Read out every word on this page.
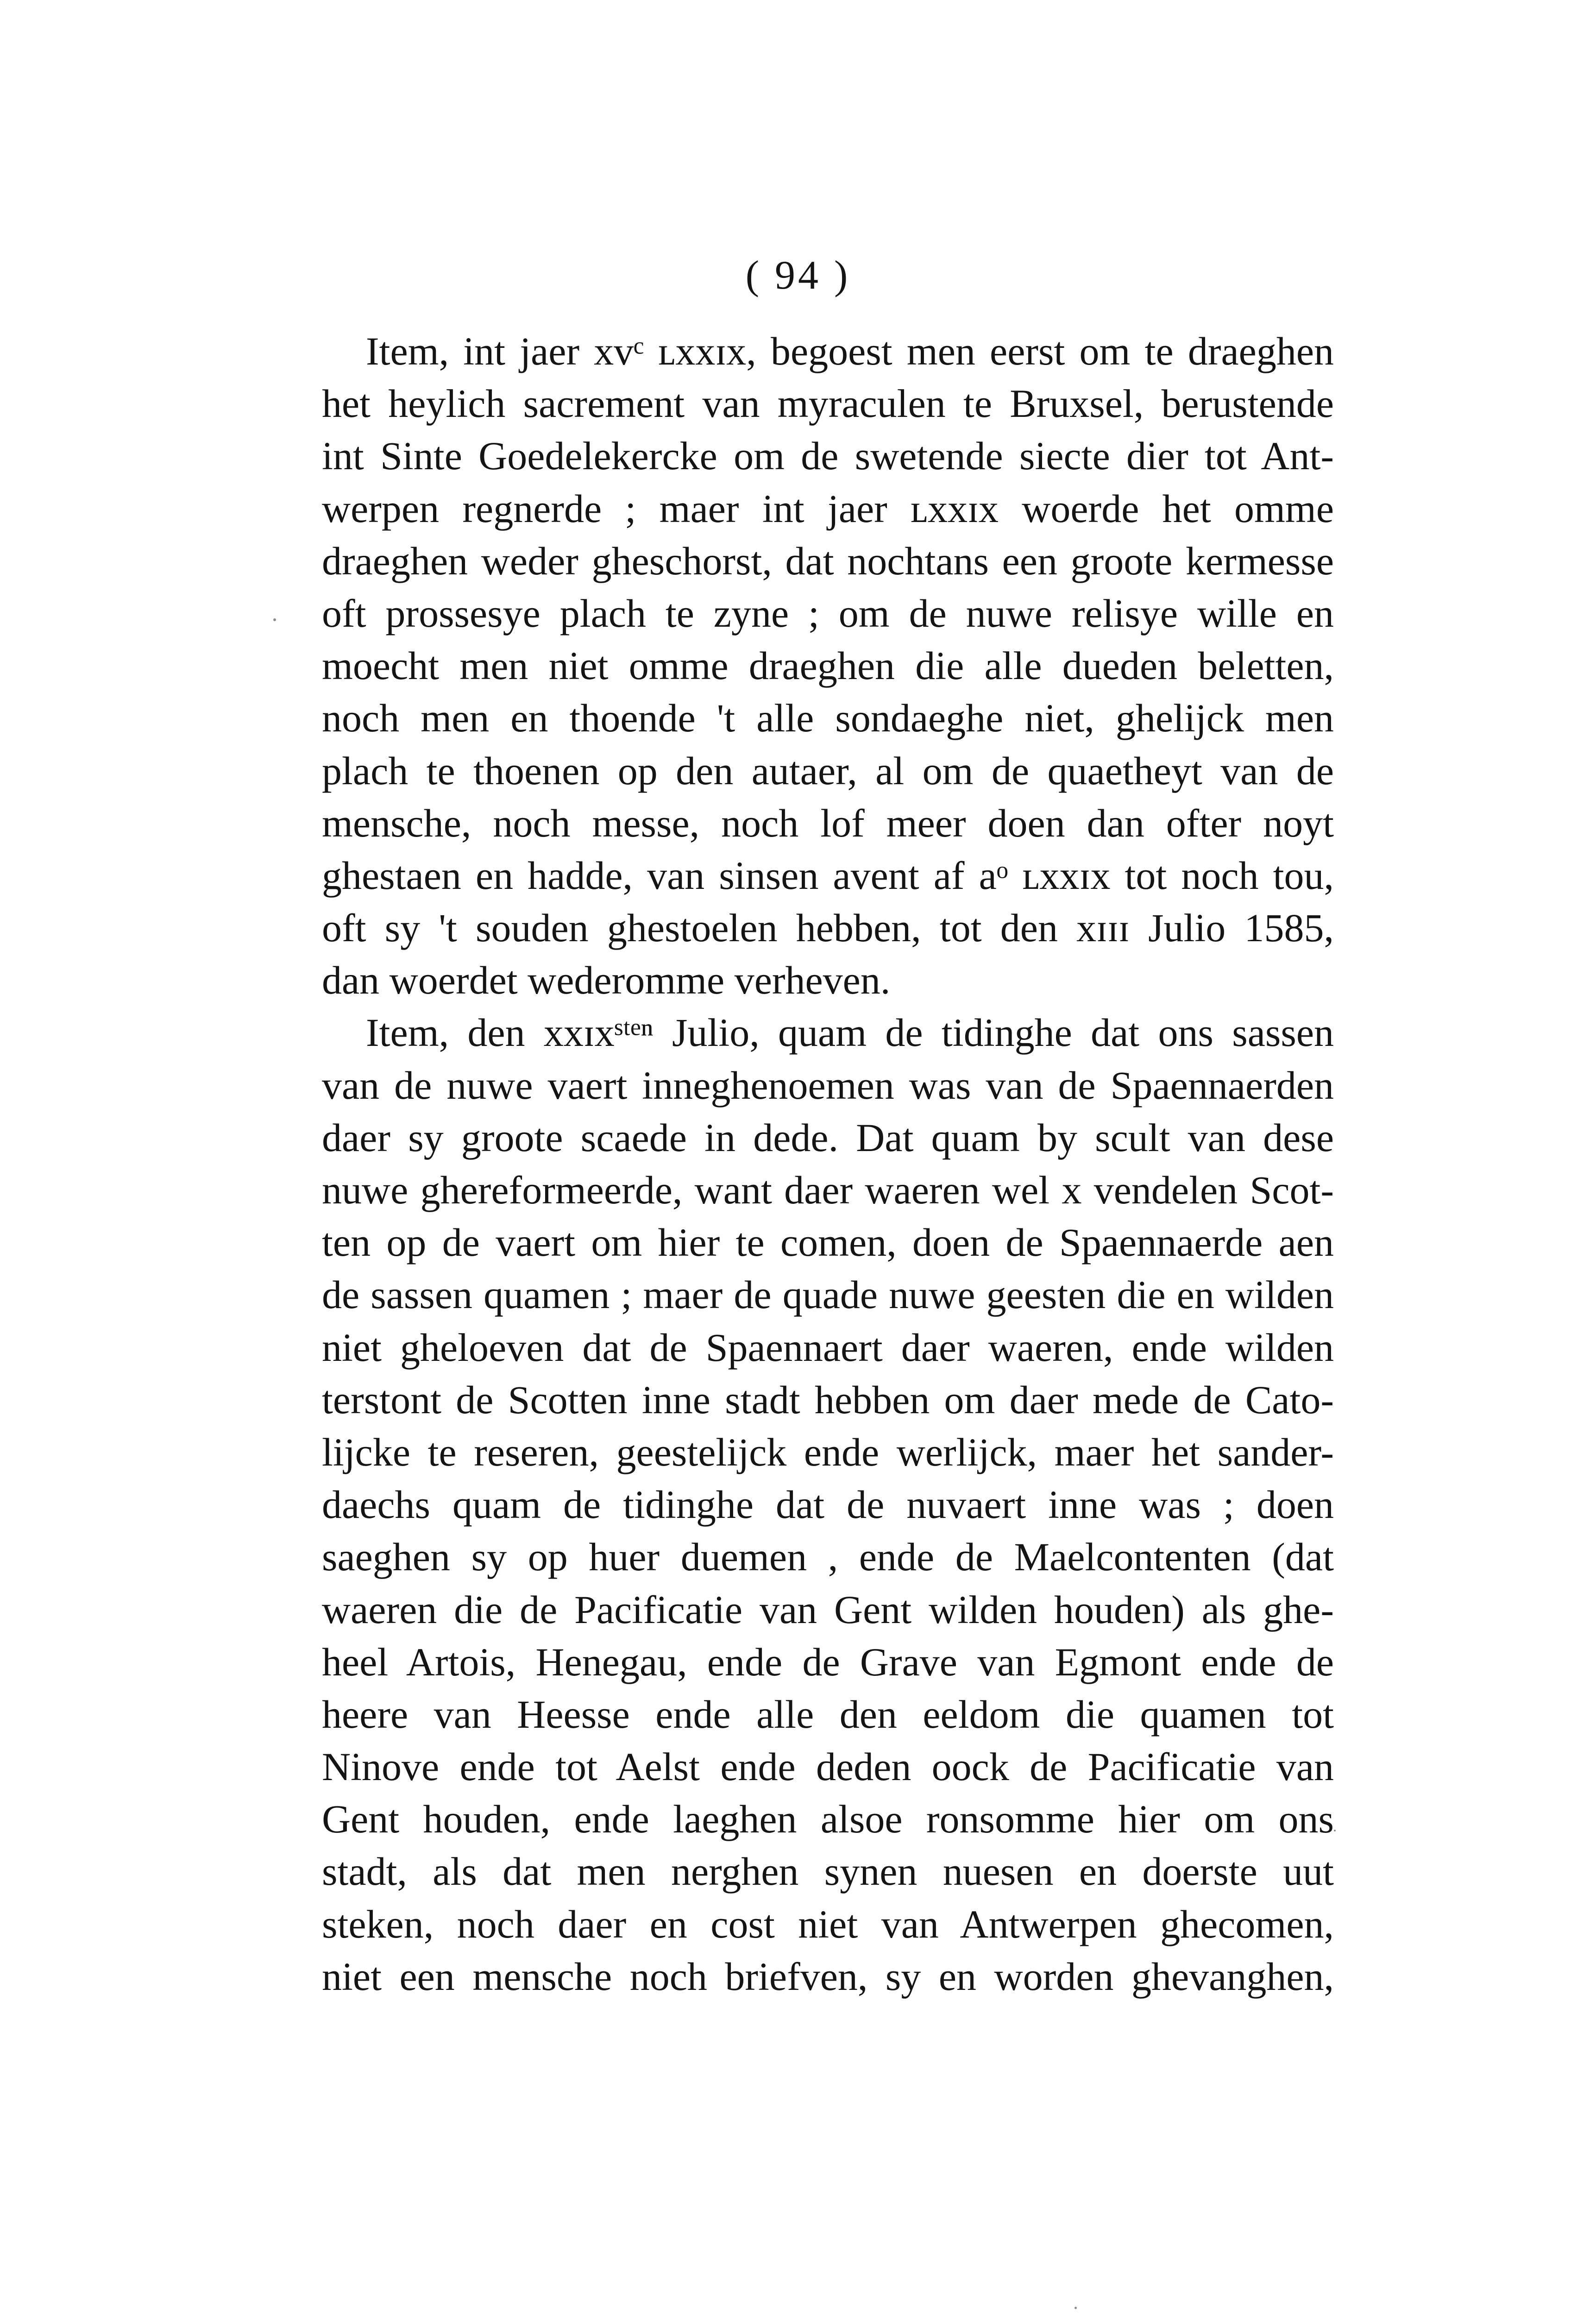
( 94 )
Item, int jaer xvᶜ ʟxxɪx, begoest men eerst om te draeghen
het heylich sacrement van myraculen te Bruxsel, berustende
int Sinte Goedelekercke om de swetende siecte dier tot Ant-
werpen regnerde ; maer int jaer ʟxxɪx woerde het omme
draeghen weder gheschorst, dat nochtans een groote kermesse
oft prossesye plach te zyne ; om de nuwe relisye wille en
moecht men niet omme draeghen die alle dueden beletten,
noch men en thoende 't alle sondaeghe niet, ghelijck men
plach te thoenen op den autaer, al om de quaetheyt van de
mensche, noch messe, noch lof meer doen dan ofter noyt
ghestaen en hadde, van sinsen avent af aᵒ ʟxxɪx tot noch tou,
oft sy 't souden ghestoelen hebben, tot den xɪɪɪ Julio 1585,
dan woerdet wederomme verheven.
Item, den xxɪxˢᵗᵉⁿ Julio, quam de tidinghe dat ons sassen
van de nuwe vaert inneghenoemen was van de Spaennaerden
daer sy groote scaede in dede. Dat quam by scult van dese
nuwe ghereformeerde, want daer waeren wel x vendelen Scot-
ten op de vaert om hier te comen, doen de Spaennaerde aen
de sassen quamen ; maer de quade nuwe geesten die en wilden
niet gheloeven dat de Spaennaert daer waeren, ende wilden
terstont de Scotten inne stadt hebben om daer mede de Cato-
lijcke te reseren, geestelijck ende werlijck, maer het sander-
daechs quam de tidinghe dat de nuvaert inne was ; doen
saeghen sy op huer duemen , ende de Maelcontenten (dat
waeren die de Pacificatie van Gent wilden houden) als ghe-
heel Artois, Henegau, ende de Grave van Egmont ende de
heere van Heesse ende alle den eeldom die quamen tot
Ninove ende tot Aelst ende deden oock de Pacificatie van
Gent houden, ende laeghen alsoe ronsomme hier om ons
stadt, als dat men nerghen synen nuesen en doerste uut
steken, noch daer en cost niet van Antwerpen ghecomen,
niet een mensche noch briefven, sy en worden ghevanghen,
